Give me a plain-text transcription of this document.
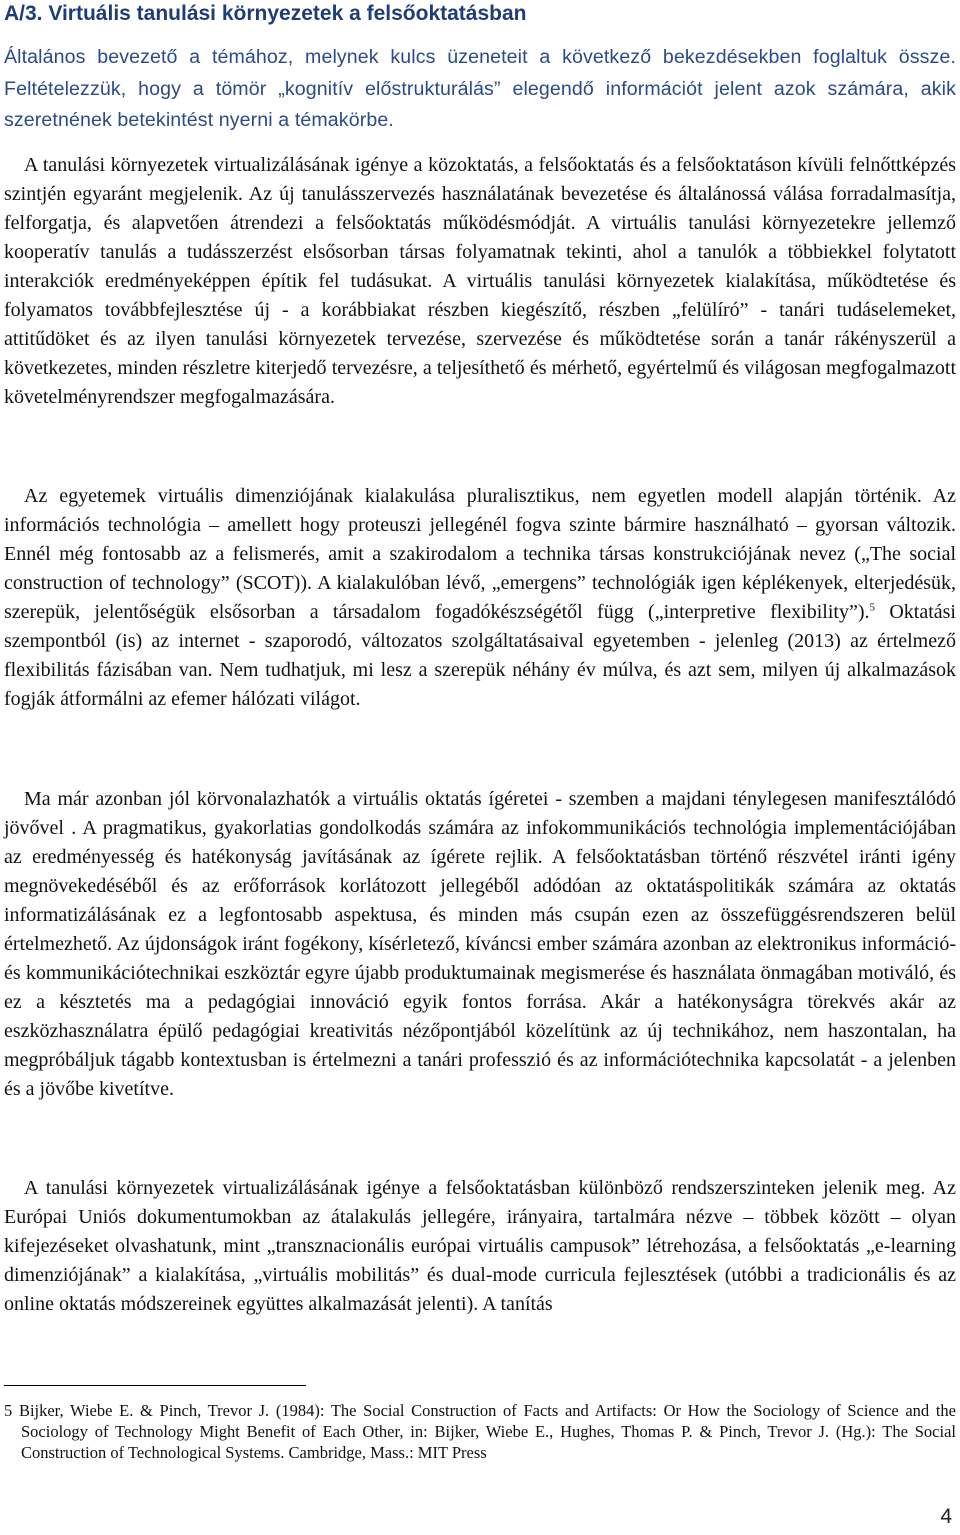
A/3. Virtuális tanulási környezetek a felsőoktatásban

Általános bevezető a témához, melynek kulcs üzeneteit a következő bekezdésekben foglaltuk össze. Feltételezzük, hogy a tömör „kognitív előstrukturálás” elegendő információt jelent azok számára, akik szeretnének betekintést nyerni a témakörbe.

A tanulási környezetek virtualizálásának igénye a közoktatás, a felsőoktatás és a felsőoktatáson kívüli felnőttképzés szintjén egyaránt megjelenik. Az új tanulásszervezés használatának bevezetése és általánossá válása forradalmasítja, felforgatja, és alapvetően átrendezi a felsőoktatás működésmódját. A virtuális tanulási környezetekre jellemző kooperatív tanulás a tudásszerzést elsősorban társas folyamatnak tekinti, ahol a tanulók a többiekkel folytatott interakciók eredményeképpen építik fel tudásukat. A virtuális tanulási környezetek kialakítása, működtetése és folyamatos továbbfejlesztése új - a korábbiakat részben kiegészítő, részben „felülíró” - tanári tudáselemeket, attitűdöket és az ilyen tanulási környezetek tervezése, szervezése és működtetése során a tanár rákényszerül a következetes, minden részletre kiterjedő tervezésre, a teljesíthető és mérhető, egyértelmű és világosan megfogalmazott követelményrendszer megfogalmazására.

Az egyetemek virtuális dimenziójának kialakulása pluralisztikus, nem egyetlen modell alapján történik. Az információs technológia – amellett hogy proteuszi jellegénél fogva szinte bármire használható – gyorsan változik. Ennél még fontosabb az a felismerés, amit a szakirodalom a technika társas konstrukciójának nevez („The social construction of technology” (SCOT)). A kialakulóban lévő, „emergens” technológiák igen képlékenyek, elterjedésük, szerepük, jelentőségük elsősorban a társadalom fogadókészségétől függ („interpretive flexibility”).$^5$ Oktatási szempontból (is) az internet - szaporodó, változatos szolgáltatásaival egyetemben - jelenleg (2013) az értelmező flexibilitás fázisában van. Nem tudhatjuk, mi lesz a szerepük néhány év múlva, és azt sem, milyen új alkalmazások fogják átformálni az efemer hálózati világot.

Ma már azonban jól körvonalazhatók a virtuális oktatás ígéretei - szemben a majdani ténylegesen manifesztálódó jövővel . A pragmatikus, gyakorlatias gondolkodás számára az infokommunikációs technológia implementációjában az eredményesség és hatékonyság javításának az ígérete rejlik. A felsőoktatásban történő részvétel iránti igény megnövekedéséből és az erőforrások korlátozott jellegéből adódóan az oktatáspolitikák számára az oktatás informatizálásának ez a legfontosabb aspektusa, és minden más csupán ezen az összefüggésrendszeren belül értelmezhető. Az újdonságok iránt fogékony, kísérletező, kíváncsi ember számára azonban az elektronikus információ- és kommunikációtechnikai eszköztár egyre újabb produktumainak megismerése és használata önmagában motiváló, és ez a késztetés ma a pedagógiai innováció egyik fontos forrása. Akár a hatékonyságra törekvés akár az eszközhasználatra épülő pedagógiai kreativitás nézőpontjából közelítünk az új technikához, nem haszontalan, ha megpróbáljuk tágabb kontextusban is értelmezni a tanári professzió és az információtechnika kapcsolatát - a jelenben és a jövőbe kivetítve.

A tanulási környezetek virtualizálásának igénye a felsőoktatásban különböző rendszerszinteken jelenik meg. Az Európai Uniós dokumentumokban az átalakulás jellegére, irányaira, tartalmára nézve – többek között – olyan kifejezéseket olvashatunk, mint „transznacionális európai virtuális campusok” létrehozása, a felsőoktatás „e-learning dimenziójának” a kialakítása, „virtuális mobilitás” és dual-mode curricula fejlesztések (utóbbi a tradicionális és az online oktatás módszereinek együttes alkalmazását jelenti). A tanítás

5 Bijker, Wiebe E. & Pinch, Trevor J. (1984): The Social Construction of Facts and Artifacts: Or How the Sociology of Science and the Sociology of Technology Might Benefit of Each Other, in: Bijker, Wiebe E., Hughes, Thomas P. & Pinch, Trevor J. (Hg.): The Social Construction of Technological Systems. Cambridge, Mass.: MIT Press
4
